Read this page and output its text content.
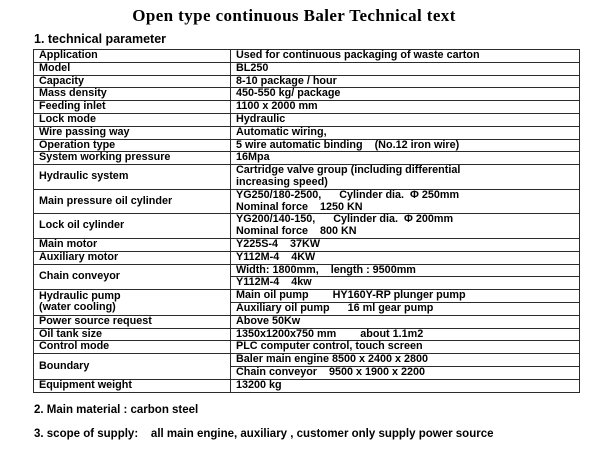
Open type continuous Baler Technical text
1. technical parameter
Application	Used for continuous packaging of waste carton

Model	BL250

Capacity	8-10 package / hour

Mass density	450-550 kg/ package

Feeding inlet	1100 x 2000 mm

Lock mode	Hydraulic

Wire passing way	Automatic wiring,

Operation type	5 wire automatic binding    (No.12 iron wire)

System working pressure	16Mpa

Hydraulic system	Cartridge valve group (including differential
increasing speed)

Main pressure oil cylinder	YG250/180-2500,      Cylinder dia.  Φ 250mm
Nominal force    1250 KN

Lock oil cylinder	YG200/140-150,      Cylinder dia.  Φ 200mm
Nominal force    800 KN

Main motor	Y225S-4    37KW

Auxiliary motor	Y112M-4    4KW

Chain conveyor	Width: 1800mm,    length : 9500mm

	Y112M-4    4kw

Hydraulic pump
(water cooling)	Main oil pump        HY160Y-RP plunger pump

	Auxiliary oil pump      16 ml gear pump

Power source request	Above 50Kw

Oil tank size	1350x1200x750 mm        about 1.1m2

Control mode	PLC computer control, touch screen

Boundary	Baler main engine 8500 x 2400 x 2800

	Chain conveyor    9500 x 1900 x 2200

Equipment weight	13200 kg

2. Main material : carbon steel

3. scope of supply:    all main engine, auxiliary , customer only supply power source
